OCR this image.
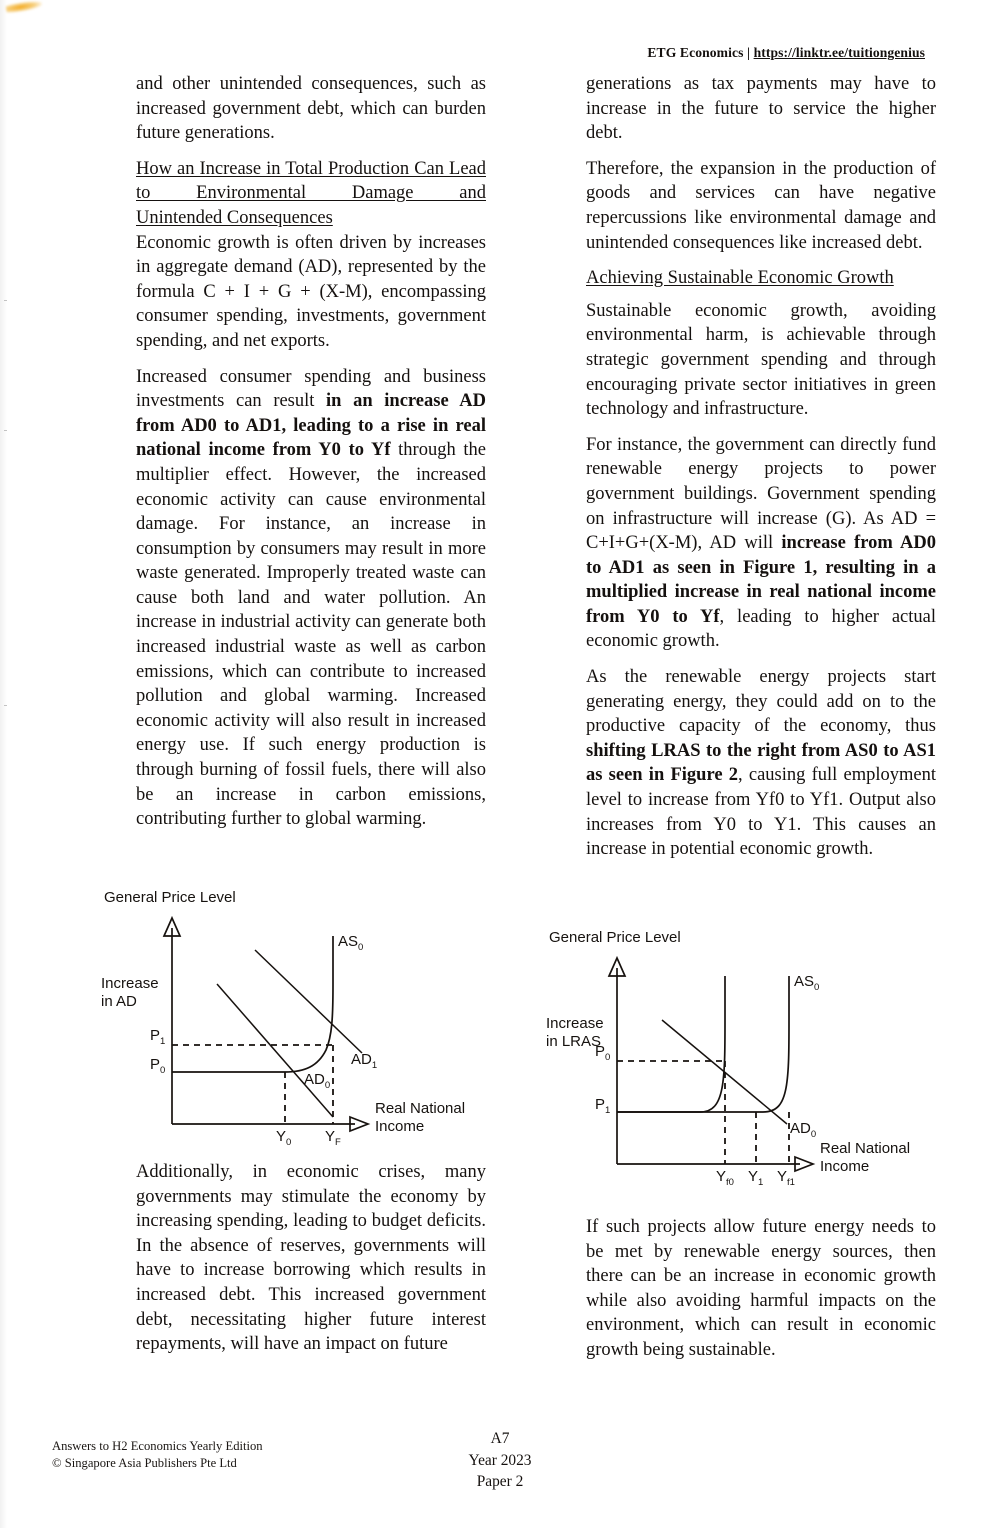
ETG Economics | https://linktr.ee/tuitiongenius

and other unintended consequences, such as increased government debt, which can burden future generations.

How an Increase in Total Production Can Lead to Environmental Damage and
Unintended Consequences

Economic growth is often driven by increases in aggregate demand (AD), represented by the formula C + I + G + (X-M), encompassing consumer spending, investments, government spending, and net exports.

Increased consumer spending and business investments can result in an increase AD from AD0 to AD1, leading to a rise in real national income from Y0 to Yf through the multiplier effect. However, the increased economic activity can cause environmental damage. For instance, an increase in consumption by consumers may result in more waste generated. Improperly treated waste can cause both land and water pollution. An increase in industrial activity can generate both increased industrial waste as well as carbon emissions, which can contribute to increased pollution and global warming. Increased economic activity will also result in increased energy use. If such energy production is through burning of fossil fuels, there will also be an increase in carbon emissions, contributing further to global warming.

generations as tax payments may have to increase in the future to service the higher debt.

Therefore, the expansion in the production of goods and services can have negative repercussions like environmental damage and unintended consequences like increased debt.

Achieving Sustainable Economic Growth

Sustainable economic growth, avoiding environmental harm, is achievable through strategic government spending and through encouraging private sector initiatives in green technology and infrastructure.

For instance, the government can directly fund renewable energy projects to power government buildings. Government spending on infrastructure will increase (G). As AD = C+I+G+(X-M), AD will increase from AD0 to AD1 as seen in Figure 1, resulting in a multiplied increase in real national income from Y0 to Yf, leading to higher actual economic growth.

As the renewable energy projects start generating energy, they could add on to the productive capacity of the economy, thus shifting LRAS to the right from AS0 to AS1 as seen in Figure 2, causing full employment level to increase from Yf0 to Yf1. Output also increases from Y0 to Y1. This causes an increase in potential economic growth.

General Price Level
Increase
in AD
$AS_0$
$AD_0$
$AD_1$
$P_1$
$P_0$
$Y_0$ $Y_F$
Real National
Income
General Price Level
Increase
in LRAS
$AS_0$
$AD_0$
$P_0$
$P_1$
$Y_{f0}$ $Y_1$ $Y_{f1}$
Real National
Income

Additionally, in economic crises, many governments may stimulate the economy by increasing spending, leading to budget deficits. In the absence of reserves, governments will have to increase borrowing which results in increased debt. This increased government debt, necessitating higher future interest repayments, will have an impact on future

If such projects allow future energy needs to be met by renewable energy sources, then there can be an increase in economic growth while also avoiding harmful impacts on the environment, which can result in economic growth being sustainable.

Answers to H2 Economics Yearly Edition
© Singapore Asia Publishers Pte Ltd
A7
Year 2023
Paper 2
